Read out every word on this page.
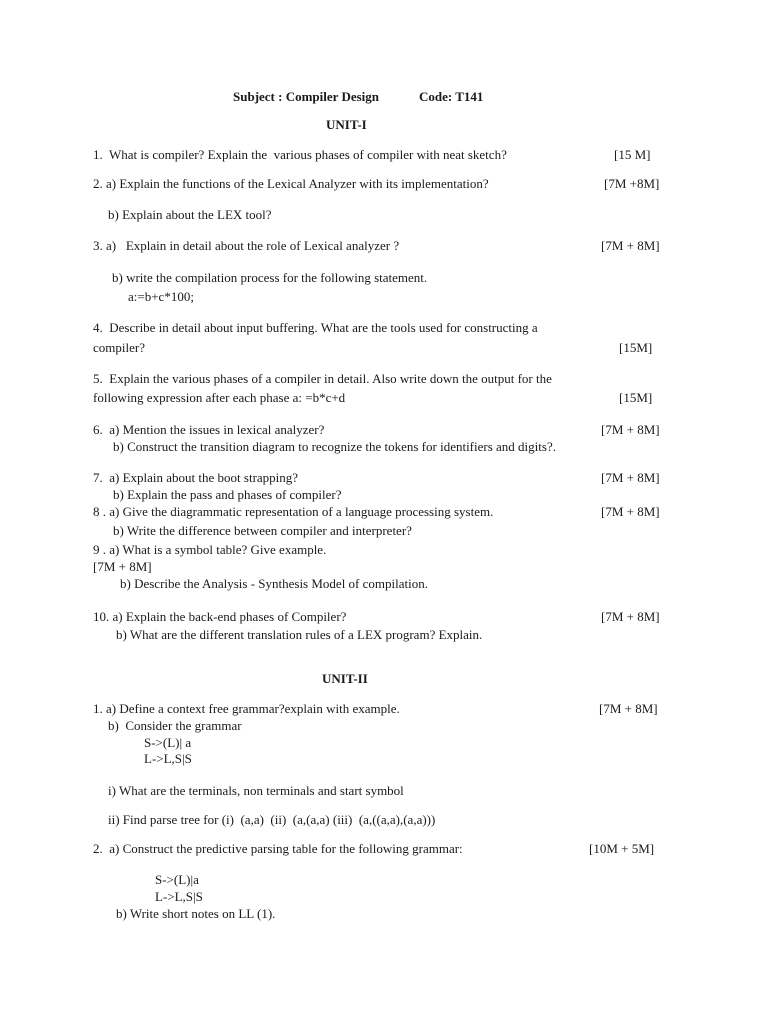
Subject : Compiler Design	Code: T141
UNIT-I
1.  What is compiler? Explain the  various phases of compiler with neat sketch?	[15 M]
2. a) Explain the functions of the Lexical Analyzer with its implementation?	[7M +8M]
b) Explain about the LEX tool?
3. a)   Explain in detail about the role of Lexical analyzer ?	[7M + 8M]
b) write the compilation process for the following statement.
a:=b+c*100;
4.  Describe in detail about input buffering. What are the tools used for constructing a
compiler?	[15M]
5.  Explain the various phases of a compiler in detail. Also write down the output for the
following expression after each phase a: =b*c+d	[15M]
6.  a) Mention the issues in lexical analyzer?	[7M + 8M]
b) Construct the transition diagram to recognize the tokens for identifiers and digits?.
7.  a) Explain about the boot strapping?	[7M + 8M]
b) Explain the pass and phases of compiler?
8 . a) Give the diagrammatic representation of a language processing system.	[7M + 8M]
b) Write the difference between compiler and interpreter?
9 . a) What is a symbol table? Give example.
[7M + 8M]
b) Describe the Analysis - Synthesis Model of compilation.
10. a) Explain the back-end phases of Compiler?	[7M + 8M]
b) What are the different translation rules of a LEX program? Explain.
UNIT-II
1. a) Define a context free grammar?explain with example.	[7M + 8M]
b)  Consider the grammar
S->(L)| a
L->L,S|S
i) What are the terminals, non terminals and start symbol
ii) Find parse tree for (i)  (a,a)  (ii)  (a,(a,a) (iii)  (a,((a,a),(a,a)))
2.  a) Construct the predictive parsing table for the following grammar:	[10M + 5M]
S->(L)|a
L->L,S|S
b) Write short notes on LL (1).
